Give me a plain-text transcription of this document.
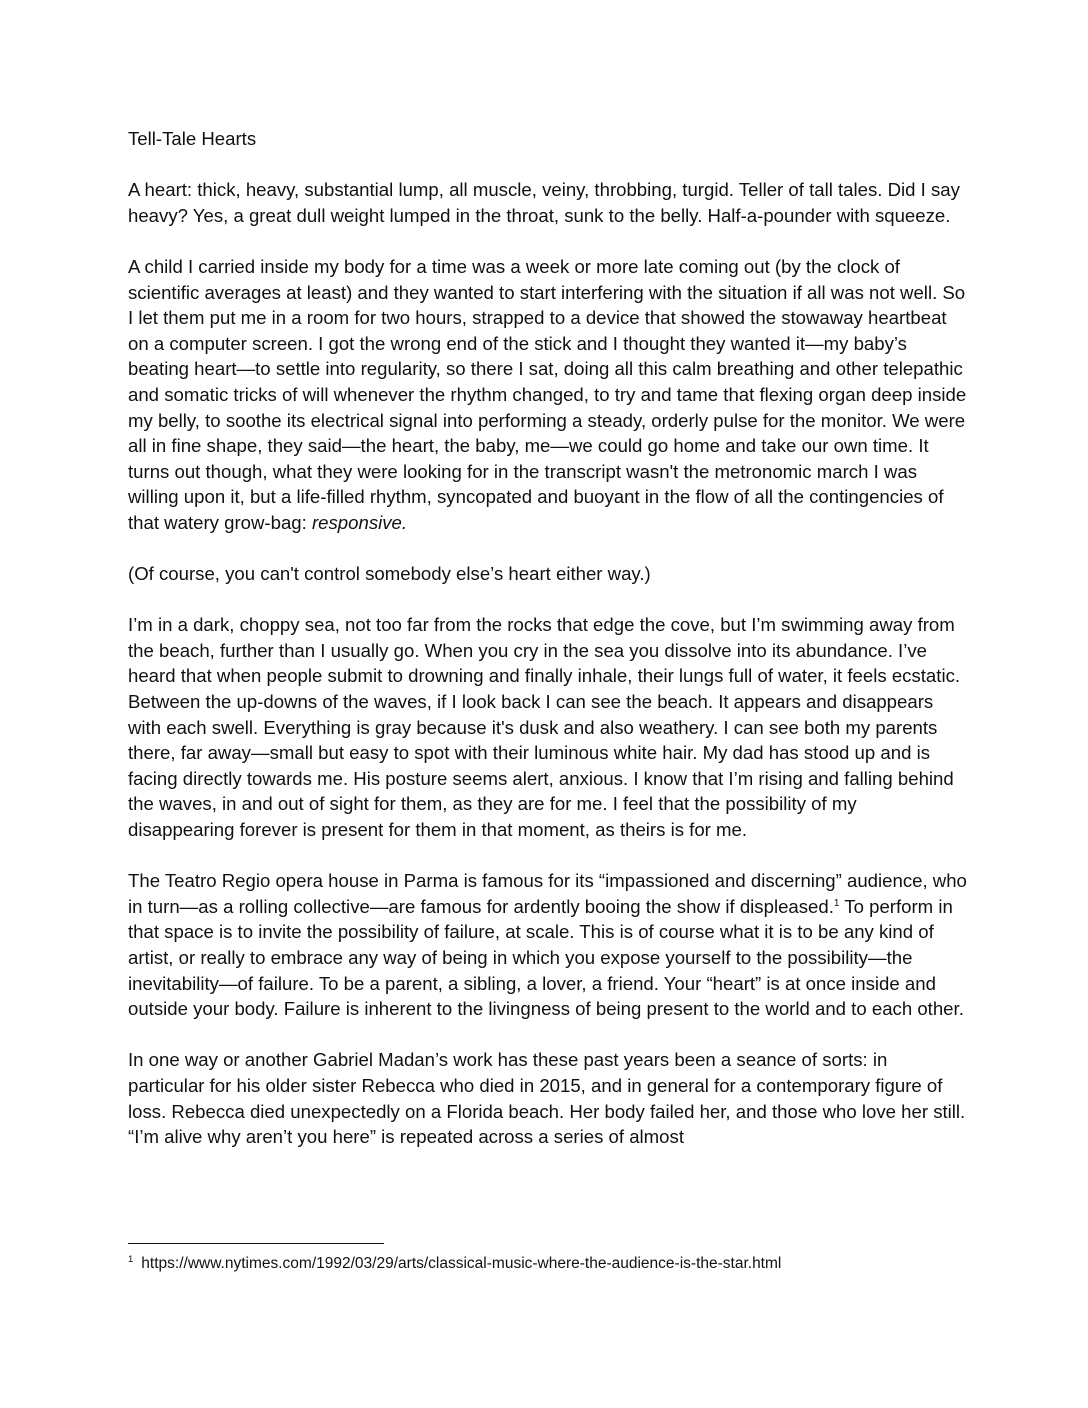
Tell-Tale Hearts

A heart: thick, heavy, substantial lump, all muscle, veiny, throbbing, turgid. Teller of tall tales. Did I say heavy? Yes, a great dull weight lumped in the throat, sunk to the belly. Half-a-pounder with squeeze.

A child I carried inside my body for a time was a week or more late coming out (by the clock of scientific averages at least) and they wanted to start interfering with the situation if all was not well. So I let them put me in a room for two hours, strapped to a device that showed the stowaway heartbeat on a computer screen. I got the wrong end of the stick and I thought they wanted it—my baby’s beating heart—to settle into regularity, so there I sat, doing all this calm breathing and other telepathic and somatic tricks of will whenever the rhythm changed, to try and tame that flexing organ deep inside my belly, to soothe its electrical signal into performing a steady, orderly pulse for the monitor. We were all in fine shape, they said—the heart, the baby, me—we could go home and take our own time. It turns out though, what they were looking for in the transcript wasn't the metronomic march I was willing upon it, but a life-filled rhythm, syncopated and buoyant in the flow of all the contingencies of that watery grow-bag: responsive.

(Of course, you can't control somebody else’s heart either way.)

I’m in a dark, choppy sea, not too far from the rocks that edge the cove, but I’m swimming away from the beach, further than I usually go. When you cry in the sea you dissolve into its abundance. I’ve heard that when people submit to drowning and finally inhale, their lungs full of water, it feels ecstatic. Between the up-downs of the waves, if I look back I can see the beach. It appears and disappears with each swell. Everything is gray because it's dusk and also weathery. I can see both my parents there, far away—small but easy to spot with their luminous white hair. My dad has stood up and is facing directly towards me. His posture seems alert, anxious. I know that I’m rising and falling behind the waves, in and out of sight for them, as they are for me. I feel that the possibility of my disappearing forever is present for them in that moment, as theirs is for me.

The Teatro Regio opera house in Parma is famous for its “impassioned and discerning” audience, who in turn—as a rolling collective—are famous for ardently booing the show if displeased.$^1$ To perform in that space is to invite the possibility of failure, at scale. This is of course what it is to be any kind of artist, or really to embrace any way of being in which you expose yourself to the possibility—the inevitability—of failure. To be a parent, a sibling, a lover, a friend. Your “heart” is at once inside and outside your body. Failure is inherent to the livingness of being present to the world and to each other.

In one way or another Gabriel Madan’s work has these past years been a seance of sorts: in particular for his older sister Rebecca who died in 2015, and in general for a contemporary figure of loss. Rebecca died unexpectedly on a Florida beach. Her body failed her, and those who love her still. “I’m alive why aren’t you here” is repeated across a series of almost

$^1$ https://www.nytimes.com/1992/03/29/arts/classical-music-where-the-audience-is-the-star.html
